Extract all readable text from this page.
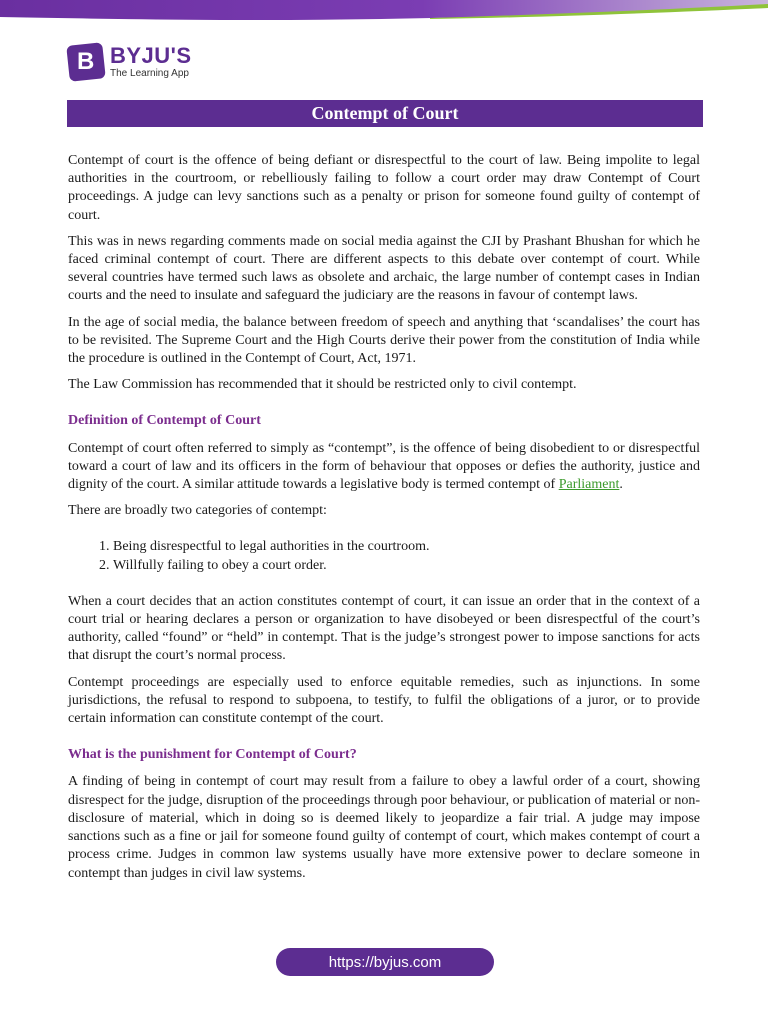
B BYJU'S
The Learning App
Contempt of Court

Contempt of court is the offence of being defiant or disrespectful to the court of law. Being impolite to legal authorities in the courtroom, or rebelliously failing to follow a court order may draw Contempt of Court proceedings. A judge can levy sanctions such as a penalty or prison for someone found guilty of contempt of court.

This was in news regarding comments made on social media against the CJI by Prashant Bhushan for which he faced criminal contempt of court. There are different aspects to this debate over contempt of court. While several countries have termed such laws as obsolete and archaic, the large number of contempt cases in Indian courts and the need to insulate and safeguard the judiciary are the reasons in favour of contempt laws.

In the age of social media, the balance between freedom of speech and anything that ‘scandalises’ the court has to be revisited. The Supreme Court and the High Courts derive their power from the constitution of India while the procedure is outlined in the Contempt of Court, Act, 1971.

The Law Commission has recommended that it should be restricted only to civil contempt.

Definition of Contempt of Court

Contempt of court often referred to simply as “contempt”, is the offence of being disobedient to or disrespectful toward a court of law and its officers in the form of behaviour that opposes or defies the authority, justice and dignity of the court. A similar attitude towards a legislative body is termed contempt of Parliament.

There are broadly two categories of contempt:

1. Being disrespectful to legal authorities in the courtroom.
2. Willfully failing to obey a court order.

When a court decides that an action constitutes contempt of court, it can issue an order that in the context of a court trial or hearing declares a person or organization to have disobeyed or been disrespectful of the court’s authority, called “found” or “held” in contempt. That is the judge’s strongest power to impose sanctions for acts that disrupt the court’s normal process.

Contempt proceedings are especially used to enforce equitable remedies, such as injunctions. In some jurisdictions, the refusal to respond to subpoena, to testify, to fulfil the obligations of a juror, or to provide certain information can constitute contempt of the court.

What is the punishment for Contempt of Court?

A finding of being in contempt of court may result from a failure to obey a lawful order of a court, showing disrespect for the judge, disruption of the proceedings through poor behaviour, or publication of material or non-disclosure of material, which in doing so is deemed likely to jeopardize a fair trial. A judge may impose sanctions such as a fine or jail for someone found guilty of contempt of court, which makes contempt of court a process crime. Judges in common law systems usually have more extensive power to declare someone in contempt than judges in civil law systems.

https://byjus.com
